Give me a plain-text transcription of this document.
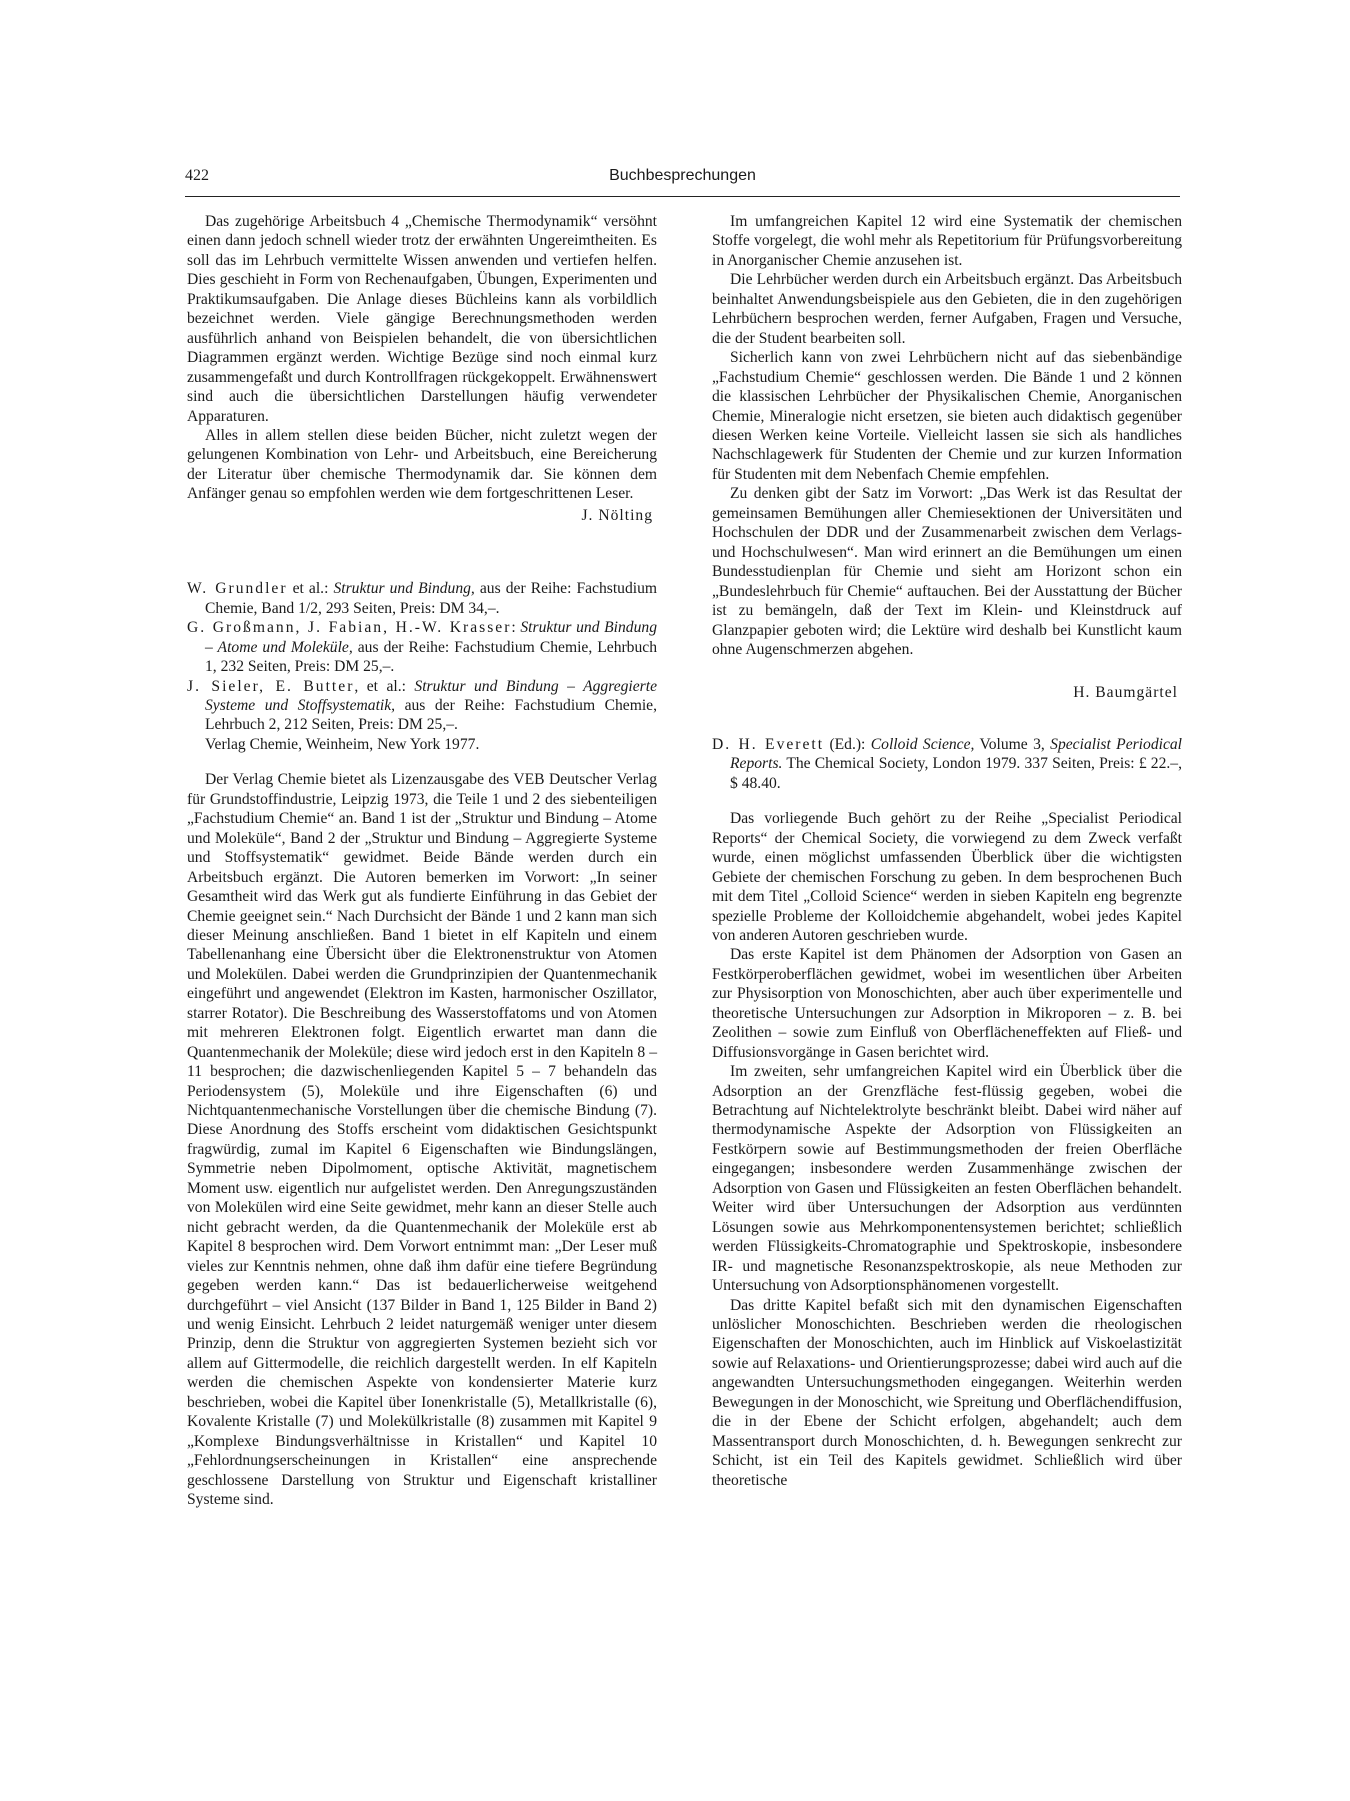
422	Buchbesprechungen

Das zugehörige Arbeitsbuch 4 „Chemische Thermodynamik“ versöhnt einen dann jedoch schnell wieder trotz der erwähnten Ungereimtheiten. Es soll das im Lehrbuch vermittelte Wissen anwenden und vertiefen helfen. Dies geschieht in Form von Rechenaufgaben, Übungen, Experimenten und Praktikumsaufgaben. Die Anlage dieses Büchleins kann als vorbildlich bezeichnet werden. Viele gängige Berechnungsmethoden werden ausführlich anhand von Beispielen behandelt, die von übersichtlichen Diagrammen ergänzt werden. Wichtige Bezüge sind noch einmal kurz zusammengefaßt und durch Kontrollfragen rückgekoppelt. Erwähnenswert sind auch die übersichtlichen Darstellungen häufig verwendeter Apparaturen.

Alles in allem stellen diese beiden Bücher, nicht zuletzt wegen der gelungenen Kombination von Lehr- und Arbeitsbuch, eine Bereicherung der Literatur über chemische Thermodynamik dar. Sie können dem Anfänger genau so empfohlen werden wie dem fortgeschrittenen Leser.

J. Nölting

W. Grundler et al.: Struktur und Bindung, aus der Reihe: Fachstudium Chemie, Band 1/2, 293 Seiten, Preis: DM 34,–.

G. Großmann, J. Fabian, H.-W. Krasser: Struktur und Bindung – Atome und Moleküle, aus der Reihe: Fachstudium Chemie, Lehrbuch 1, 232 Seiten, Preis: DM 25,–.

J. Sieler, E. Butter, et al.: Struktur und Bindung – Aggregierte Systeme und Stoffsystematik, aus der Reihe: Fachstudium Chemie, Lehrbuch 2, 212 Seiten, Preis: DM 25,–.

Verlag Chemie, Weinheim, New York 1977.

Der Verlag Chemie bietet als Lizenzausgabe des VEB Deutscher Verlag für Grundstoffindustrie, Leipzig 1973, die Teile 1 und 2 des siebenteiligen „Fachstudium Chemie“ an. Band 1 ist der „Struktur und Bindung – Atome und Moleküle“, Band 2 der „Struktur und Bindung – Aggregierte Systeme und Stoffsystematik“ gewidmet. Beide Bände werden durch ein Arbeitsbuch ergänzt. Die Autoren bemerken im Vorwort: „In seiner Gesamtheit wird das Werk gut als fundierte Einführung in das Gebiet der Chemie geeignet sein.“ Nach Durchsicht der Bände 1 und 2 kann man sich dieser Meinung anschließen. Band 1 bietet in elf Kapiteln und einem Tabellenanhang eine Übersicht über die Elektronenstruktur von Atomen und Molekülen. Dabei werden die Grundprinzipien der Quantenmechanik eingeführt und angewendet (Elektron im Kasten, harmonischer Oszillator, starrer Rotator). Die Beschreibung des Wasserstoffatoms und von Atomen mit mehreren Elektronen folgt. Eigentlich erwartet man dann die Quantenmechanik der Moleküle; diese wird jedoch erst in den Kapiteln 8 – 11 besprochen; die dazwischenliegenden Kapitel 5 – 7 behandeln das Periodensystem (5), Moleküle und ihre Eigenschaften (6) und Nichtquantenmechanische Vorstellungen über die chemische Bindung (7). Diese Anordnung des Stoffs erscheint vom didaktischen Gesichtspunkt fragwürdig, zumal im Kapitel 6 Eigenschaften wie Bindungslängen, Symmetrie neben Dipolmoment, optische Aktivität, magnetischem Moment usw. eigentlich nur aufgelistet werden. Den Anregungszuständen von Molekülen wird eine Seite gewidmet, mehr kann an dieser Stelle auch nicht gebracht werden, da die Quantenmechanik der Moleküle erst ab Kapitel 8 besprochen wird. Dem Vorwort entnimmt man: „Der Leser muß vieles zur Kenntnis nehmen, ohne daß ihm dafür eine tiefere Begründung gegeben werden kann.“ Das ist bedauerlicherweise weitgehend durchgeführt – viel Ansicht (137 Bilder in Band 1, 125 Bilder in Band 2) und wenig Einsicht. Lehrbuch 2 leidet naturgemäß weniger unter diesem Prinzip, denn die Struktur von aggregierten Systemen bezieht sich vor allem auf Gittermodelle, die reichlich dargestellt werden. In elf Kapiteln werden die chemischen Aspekte von kondensierter Materie kurz beschrieben, wobei die Kapitel über Ionenkristalle (5), Metallkristalle (6), Kovalente Kristalle (7) und Molekülkristalle (8) zusammen mit Kapitel 9 „Komplexe Bindungsverhältnisse in Kristallen“ und Kapitel 10 „Fehlordnungserscheinungen in Kristallen“ eine ansprechende geschlossene Darstellung von Struktur und Eigenschaft kristalliner Systeme sind.

Im umfangreichen Kapitel 12 wird eine Systematik der chemischen Stoffe vorgelegt, die wohl mehr als Repetitorium für Prüfungsvorbereitung in Anorganischer Chemie anzusehen ist.

Die Lehrbücher werden durch ein Arbeitsbuch ergänzt. Das Arbeitsbuch beinhaltet Anwendungsbeispiele aus den Gebieten, die in den zugehörigen Lehrbüchern besprochen werden, ferner Aufgaben, Fragen und Versuche, die der Student bearbeiten soll.

Sicherlich kann von zwei Lehrbüchern nicht auf das siebenbändige „Fachstudium Chemie“ geschlossen werden. Die Bände 1 und 2 können die klassischen Lehrbücher der Physikalischen Chemie, Anorganischen Chemie, Mineralogie nicht ersetzen, sie bieten auch didaktisch gegenüber diesen Werken keine Vorteile. Vielleicht lassen sie sich als handliches Nachschlagewerk für Studenten der Chemie und zur kurzen Information für Studenten mit dem Nebenfach Chemie empfehlen.

Zu denken gibt der Satz im Vorwort: „Das Werk ist das Resultat der gemeinsamen Bemühungen aller Chemiesektionen der Universitäten und Hochschulen der DDR und der Zusammenarbeit zwischen dem Verlags- und Hochschulwesen“. Man wird erinnert an die Bemühungen um einen Bundesstudienplan für Chemie und sieht am Horizont schon ein „Bundeslehrbuch für Chemie“ auftauchen. Bei der Ausstattung der Bücher ist zu bemängeln, daß der Text im Klein- und Kleinstdruck auf Glanzpapier geboten wird; die Lektüre wird deshalb bei Kunstlicht kaum ohne Augenschmerzen abgehen.

H. Baumgärtel

D. H. Everett (Ed.): Colloid Science, Volume 3, Specialist Periodical Reports. The Chemical Society, London 1979. 337 Seiten, Preis: £ 22.–, $ 48.40.

Das vorliegende Buch gehört zu der Reihe „Specialist Periodical Reports“ der Chemical Society, die vorwiegend zu dem Zweck verfaßt wurde, einen möglichst umfassenden Überblick über die wichtigsten Gebiete der chemischen Forschung zu geben. In dem besprochenen Buch mit dem Titel „Colloid Science“ werden in sieben Kapiteln eng begrenzte spezielle Probleme der Kolloidchemie abgehandelt, wobei jedes Kapitel von anderen Autoren geschrieben wurde.

Das erste Kapitel ist dem Phänomen der Adsorption von Gasen an Festkörperoberflächen gewidmet, wobei im wesentlichen über Arbeiten zur Physisorption von Monoschichten, aber auch über experimentelle und theoretische Untersuchungen zur Adsorption in Mikroporen – z. B. bei Zeolithen – sowie zum Einfluß von Oberflächeneffekten auf Fließ- und Diffusionsvorgänge in Gasen berichtet wird.

Im zweiten, sehr umfangreichen Kapitel wird ein Überblick über die Adsorption an der Grenzfläche fest-flüssig gegeben, wobei die Betrachtung auf Nichtelektrolyte beschränkt bleibt. Dabei wird näher auf thermodynamische Aspekte der Adsorption von Flüssigkeiten an Festkörpern sowie auf Bestimmungsmethoden der freien Oberfläche eingegangen; insbesondere werden Zusammenhänge zwischen der Adsorption von Gasen und Flüssigkeiten an festen Oberflächen behandelt. Weiter wird über Untersuchungen der Adsorption aus verdünnten Lösungen sowie aus Mehrkomponentensystemen berichtet; schließlich werden Flüssigkeits-Chromatographie und Spektroskopie, insbesondere IR- und magnetische Resonanzspektroskopie, als neue Methoden zur Untersuchung von Adsorptionsphänomenen vorgestellt.

Das dritte Kapitel befaßt sich mit den dynamischen Eigenschaften unlöslicher Monoschichten. Beschrieben werden die rheologischen Eigenschaften der Monoschichten, auch im Hinblick auf Viskoelastizität sowie auf Relaxations- und Orientierungsprozesse; dabei wird auch auf die angewandten Untersuchungsmethoden eingegangen. Weiterhin werden Bewegungen in der Monoschicht, wie Spreitung und Oberflächendiffusion, die in der Ebene der Schicht erfolgen, abgehandelt; auch dem Massentransport durch Monoschichten, d. h. Bewegungen senkrecht zur Schicht, ist ein Teil des Kapitels gewidmet. Schließlich wird über theoretische
